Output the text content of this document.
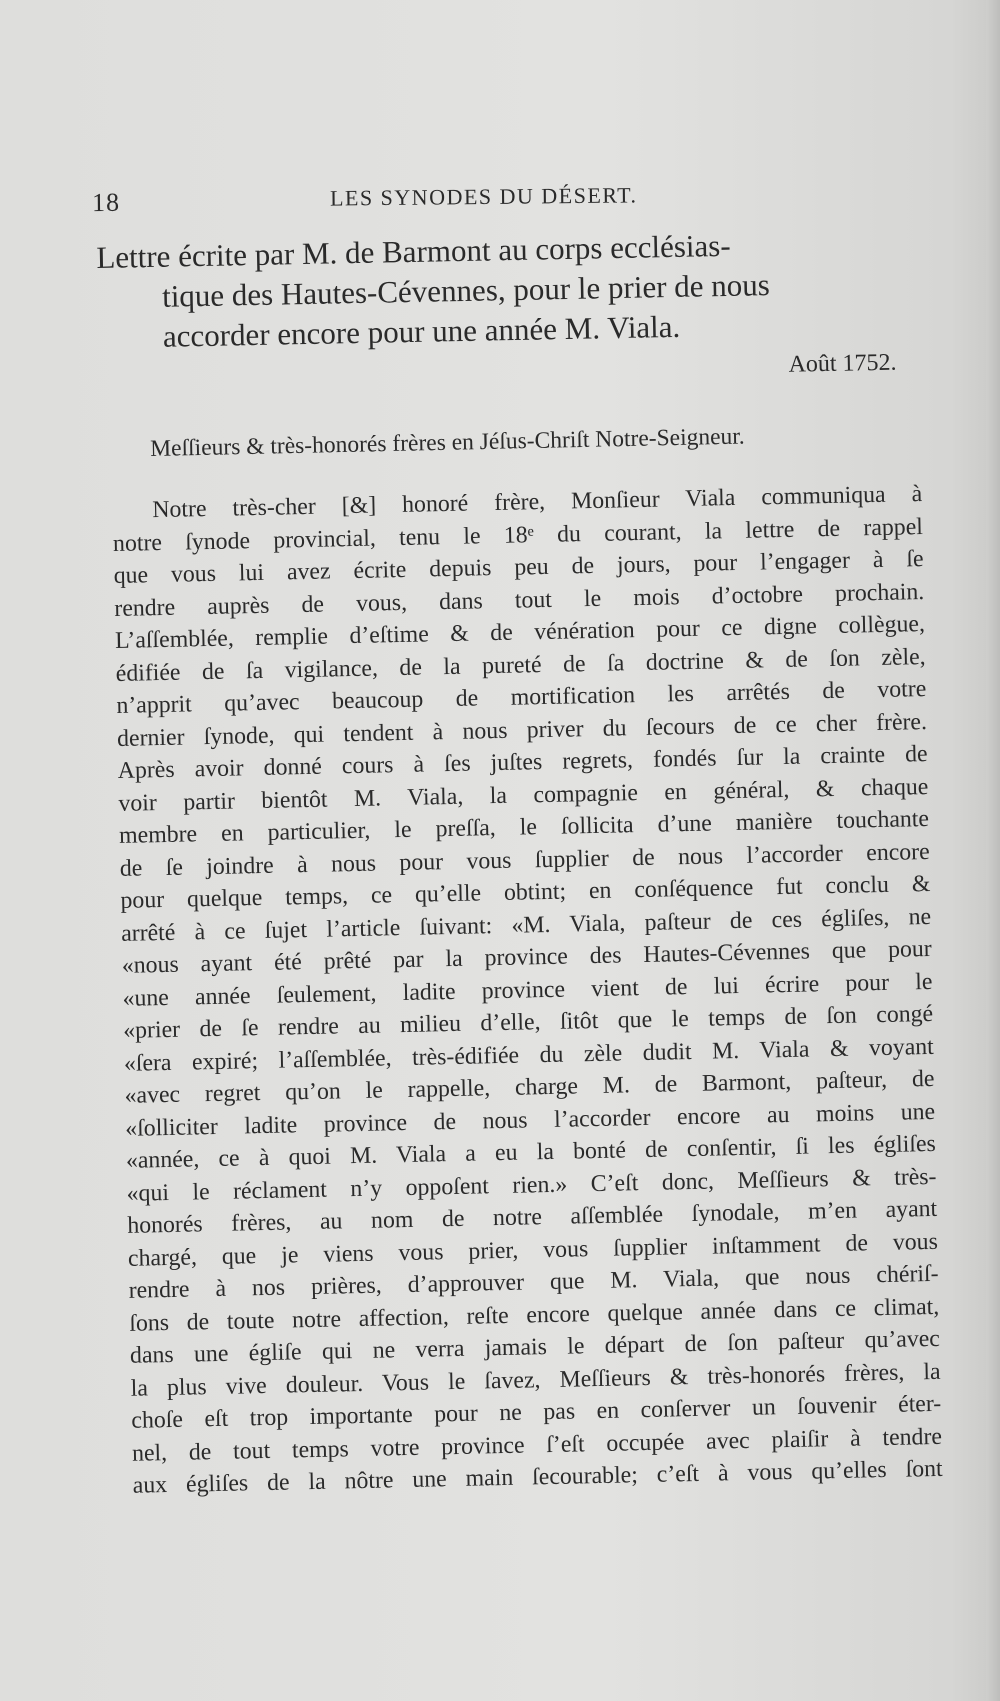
18	LES SYNODES DU DÉSERT.
Lettre écrite par M. de Barmont au corps ecclésias-
tique des Hautes-Cévennes, pour le prier de nous
accorder encore pour une année M. Viala.
Août 1752.
Meſſieurs & très-honorés frères en Jéſus-Chriſt Notre-Seigneur.
Notre très-cher [&] honoré frère, Monſieur Viala communiqua à
notre ſynode provincial, tenu le 18ᵉ du courant, la lettre de rappel
que vous lui avez écrite depuis peu de jours, pour l’engager à ſe
rendre auprès de vous, dans tout le mois d’octobre prochain.
L’aſſemblée, remplie d’eſtime & de vénération pour ce digne collègue,
édifiée de ſa vigilance, de la pureté de ſa doctrine & de ſon zèle,
n’apprit qu’avec beaucoup de mortification les arrêtés de votre
dernier ſynode, qui tendent à nous priver du ſecours de ce cher frère.
Après avoir donné cours à ſes juſtes regrets, fondés ſur la crainte de
voir partir bientôt M. Viala, la compagnie en général, & chaque
membre en particulier, le preſſa, le ſollicita d’une manière touchante
de ſe joindre à nous pour vous ſupplier de nous l’accorder encore
pour quelque temps, ce qu’elle obtint; en conſéquence fut conclu &
arrêté à ce ſujet l’article ſuivant: «M. Viala, paſteur de ces égliſes, ne
«nous ayant été prêté par la province des Hautes-Cévennes que pour
«une année ſeulement, ladite province vient de lui écrire pour le
«prier de ſe rendre au milieu d’elle, ſitôt que le temps de ſon congé
«ſera expiré; l’aſſemblée, très-édifiée du zèle dudit M. Viala & voyant
«avec regret qu’on le rappelle, charge M. de Barmont, paſteur, de
«ſolliciter ladite province de nous l’accorder encore au moins une
«année, ce à quoi M. Viala a eu la bonté de conſentir, ſi les égliſes
«qui le réclament n’y oppoſent rien.» C’eſt donc, Meſſieurs & très-
honorés frères, au nom de notre aſſemblée ſynodale, m’en ayant
chargé, que je viens vous prier, vous ſupplier inſtamment de vous
rendre à nos prières, d’approuver que M. Viala, que nous chériſ-
ſons de toute notre affection, reſte encore quelque année dans ce climat,
dans une égliſe qui ne verra jamais le départ de ſon paſteur qu’avec
la plus vive douleur. Vous le ſavez, Meſſieurs & très-honorés frères, la
choſe eſt trop importante pour ne pas en conſerver un ſouvenir éter-
nel, de tout temps votre province ſ’eſt occupée avec plaiſir à tendre
aux égliſes de la nôtre une main ſecourable; c’eſt à vous qu’elles ſont
